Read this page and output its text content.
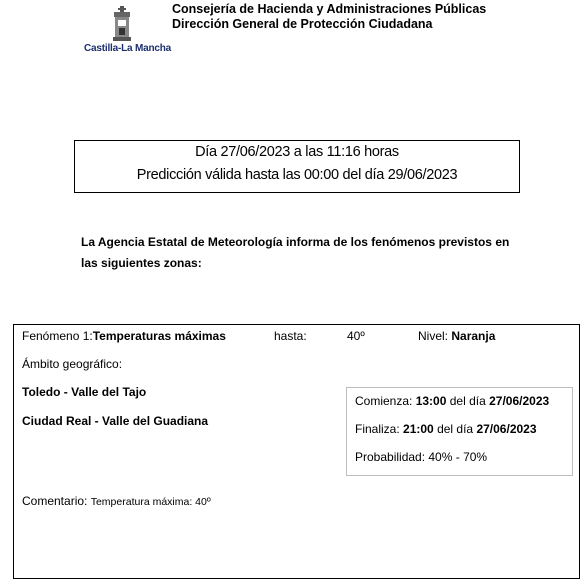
Castilla-La Mancha
Consejería de Hacienda y Administraciones Públicas
Dirección General de Protección Ciudadana
Día 27/06/2023 a las 11:16 horas
Predicción válida hasta las 00:00 del día 29/06/2023
La Agencia Estatal de Meteorología informa de los fenómenos previstos en las siguientes zonas:
Fenómeno 1:Temperaturas máximas	hasta:	40º	Nivel: Naranja
Ámbito geográfico:
Toledo - Valle del Tajo
Ciudad Real - Valle del Guadiana
Comienza: 13:00 del día 27/06/2023
Finaliza: 21:00 del día 27/06/2023
Probabilidad: 40% - 70%
Comentario: Temperatura máxima: 40º
